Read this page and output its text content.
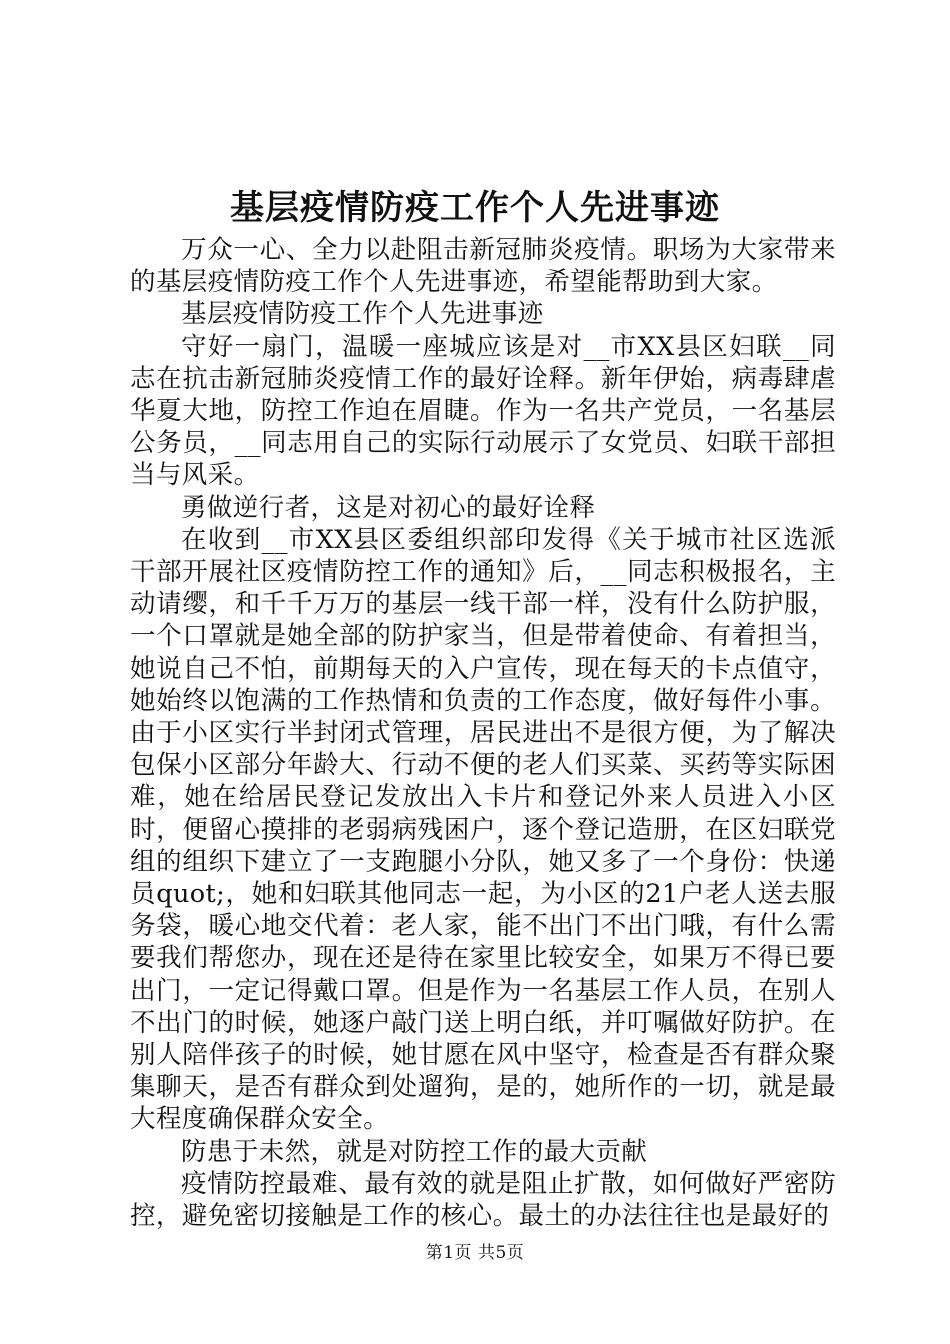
基层疫情防疫工作个人先进事迹

万众一心、全力以赴阻击新冠肺炎疫情。职场为大家带来的基层疫情防疫工作个人先进事迹，希望能帮助到大家。

基层疫情防疫工作个人先进事迹

守好一扇门，温暖一座城应该是对__市XX县区妇联__同志在抗击新冠肺炎疫情工作的最好诠释。新年伊始，病毒肆虐华夏大地，防控工作迫在眉睫。作为一名共产党员，一名基层公务员，__同志用自己的实际行动展示了女党员、妇联干部担当与风采。

勇做逆行者，这是对初心的最好诠释

在收到__市XX县区委组织部印发得《关于城市社区选派干部开展社区疫情防控工作的通知》后，__同志积极报名，主动请缨，和千千万万的基层一线干部一样，没有什么防护服，一个口罩就是她全部的防护家当，但是带着使命、有着担当，她说自己不怕，前期每天的入户宣传，现在每天的卡点值守，她始终以饱满的工作热情和负责的工作态度，做好每件小事。由于小区实行半封闭式管理，居民进出不是很方便，为了解决包保小区部分年龄大、行动不便的老人们买菜、买药等实际困难，她在给居民登记发放出入卡片和登记外来人员进入小区时，便留心摸排的老弱病残困户，逐个登记造册，在区妇联党组的组织下建立了一支跑腿小分队，她又多了一个身份：快递员quot;，她和妇联其他同志一起，为小区的21户老人送去服务袋，暖心地交代着：老人家，能不出门不出门哦，有什么需要我们帮您办，现在还是待在家里比较安全，如果万不得已要出门，一定记得戴口罩。但是作为一名基层工作人员，在别人不出门的时候，她逐户敲门送上明白纸，并叮嘱做好防护。在别人陪伴孩子的时候，她甘愿在风中坚守，检查是否有群众聚集聊天，是否有群众到处遛狗，是的，她所作的一切，就是最大程度确保群众安全。

防患于未然，就是对防控工作的最大贡献

疫情防控最难、最有效的就是阻止扩散，如何做好严密防控，避免密切接触是工作的核心。最土的办法往往也是最好的

第1页 共5页
